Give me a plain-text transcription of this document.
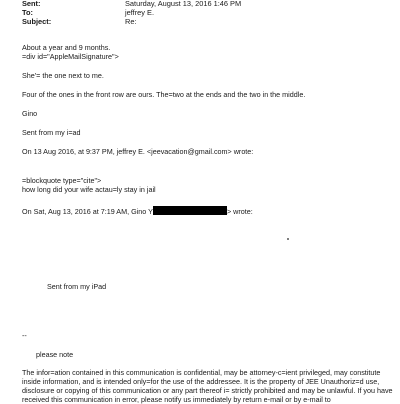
Sent:	Saturday, August 13, 2016 1:46 PM
To:	jeffrey E.
Subject:	Re:
About a year and 9 months.
=div id="AppleMailSignature">
She'= the one next to me.
Four of the ones in the front row are ours. The=two at the ends and the two in the middle.
Gino
Sent from my i=ad
On 13 Aug 2016, at 9:37 PM, jeffrey E. <jeevacation@gmail.com> wrote:
=blockquote type="cite">
how long did your wife actau=ly stay in jail
On Sat, Aug 13, 2016 at 7:19 AM, Gino Y	> wrote:
Sent from my iPad
--
please note
The infor=ation contained in this communication is confidential, may be attorney-c=ient privileged, may constitute
inside information, and is intended only=for the use of the addressee. It is the property of JEE Unauthoriz=d use,
disclosure or copying of this communication or any part thereof i= strictly prohibited and may be unlawful. If you have
received this communication in error, please notify us immediately by return e-mail or by e-mail to
